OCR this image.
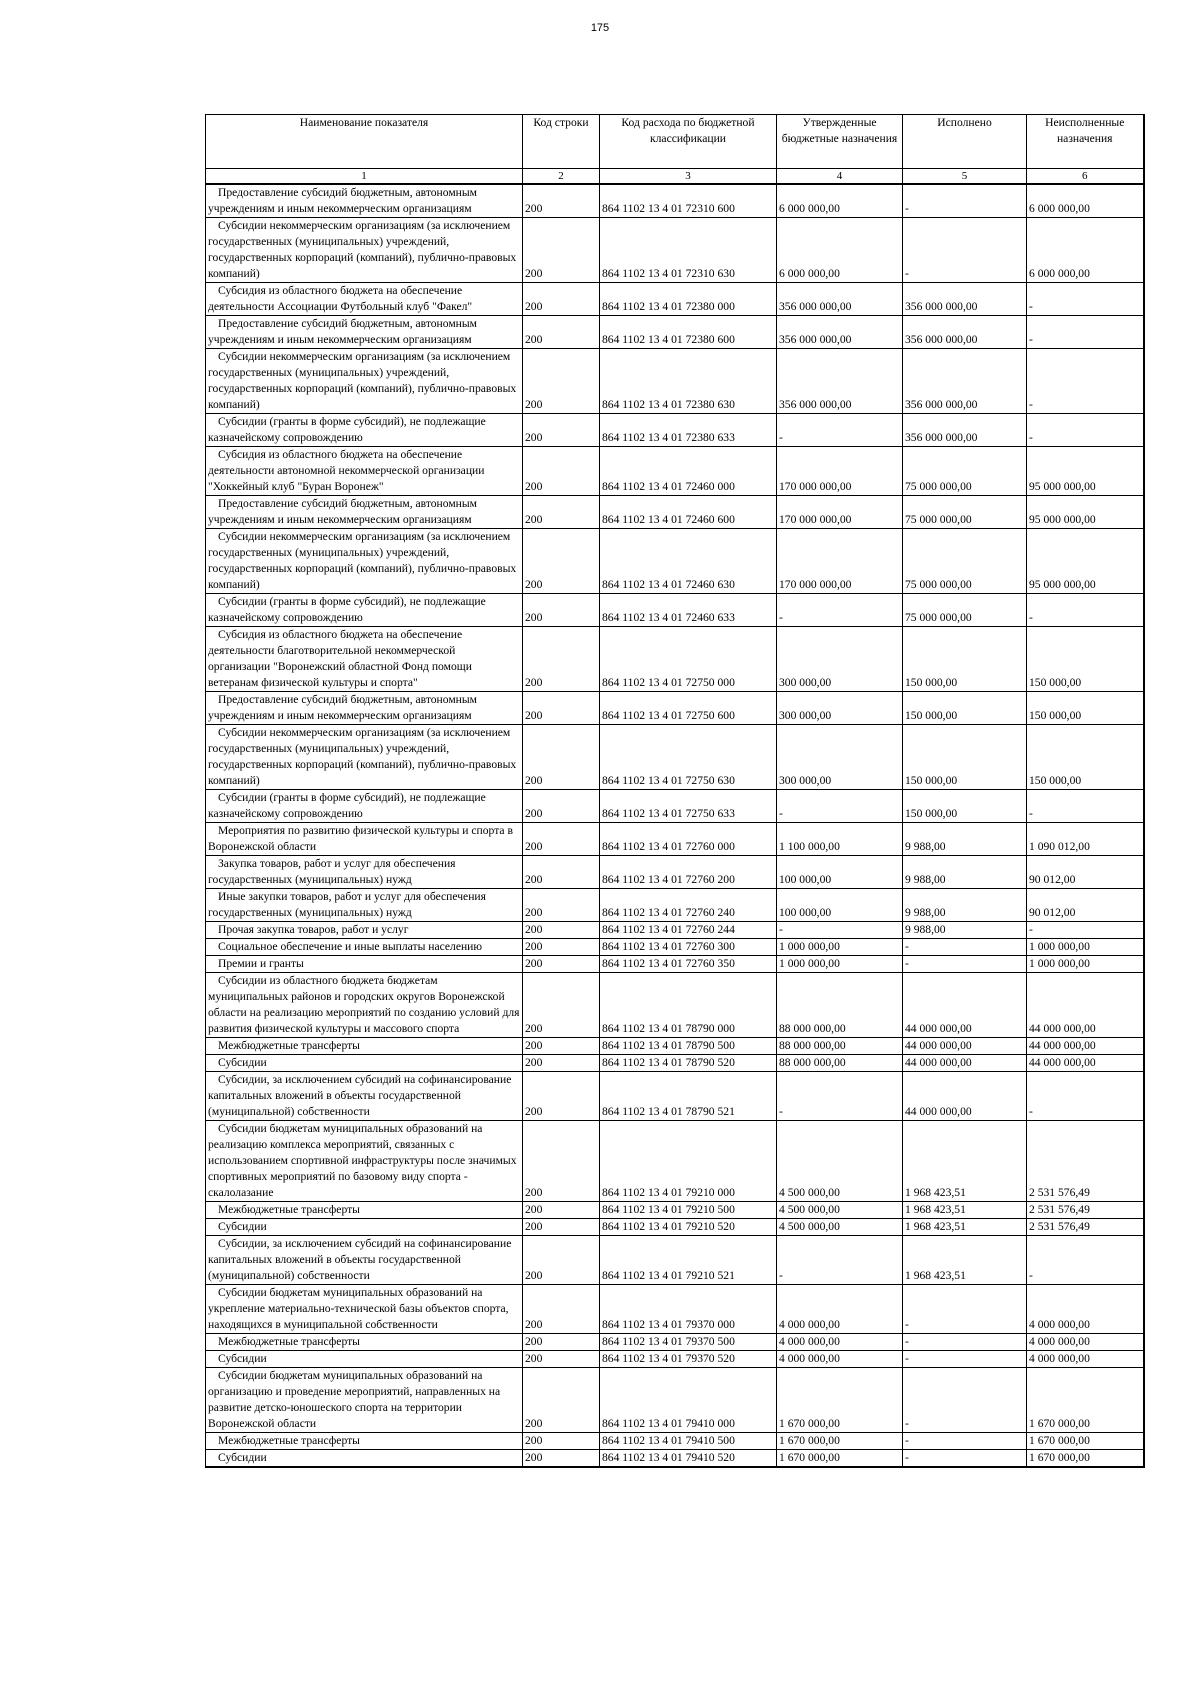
175
Наименование показателя	Код строки	Код расхода по бюджетной классификации	Утвержденные бюджетные назначения	Исполнено	Неисполненные назначения
1	2	3	4	5	6
Предоставление субсидий бюджетным, автономным учреждениям и иным некоммерческим организациям	200	864 1102 13 4 01 72310 600	6 000 000,00	-	6 000 000,00
Субсидии некоммерческим организациям (за исключением государственных (муниципальных) учреждений, государственных корпораций (компаний), публично-правовых компаний)	200	864 1102 13 4 01 72310 630	6 000 000,00	-	6 000 000,00
Субсидия из областного бюджета на обеспечение деятельности Ассоциации Футбольный клуб "Факел"	200	864 1102 13 4 01 72380 000	356 000 000,00	356 000 000,00	-
Предоставление субсидий бюджетным, автономным учреждениям и иным некоммерческим организациям	200	864 1102 13 4 01 72380 600	356 000 000,00	356 000 000,00	-
Субсидии некоммерческим организациям (за исключением государственных (муниципальных) учреждений, государственных корпораций (компаний), публично-правовых компаний)	200	864 1102 13 4 01 72380 630	356 000 000,00	356 000 000,00	-
Субсидии (гранты в форме субсидий), не подлежащие казначейскому сопровождению	200	864 1102 13 4 01 72380 633	-	356 000 000,00	-
Субсидия из областного бюджета на обеспечение деятельности автономной некоммерческой организации "Хоккейный клуб "Буран Воронеж"	200	864 1102 13 4 01 72460 000	170 000 000,00	75 000 000,00	95 000 000,00
Предоставление субсидий бюджетным, автономным учреждениям и иным некоммерческим организациям	200	864 1102 13 4 01 72460 600	170 000 000,00	75 000 000,00	95 000 000,00
Субсидии некоммерческим организациям (за исключением государственных (муниципальных) учреждений, государственных корпораций (компаний), публично-правовых компаний)	200	864 1102 13 4 01 72460 630	170 000 000,00	75 000 000,00	95 000 000,00
Субсидии (гранты в форме субсидий), не подлежащие казначейскому сопровождению	200	864 1102 13 4 01 72460 633	-	75 000 000,00	-
Субсидия из областного бюджета на обеспечение деятельности благотворительной некоммерческой организации "Воронежский областной Фонд помощи ветеранам физической культуры и спорта"	200	864 1102 13 4 01 72750 000	300 000,00	150 000,00	150 000,00
Предоставление субсидий бюджетным, автономным учреждениям и иным некоммерческим организациям	200	864 1102 13 4 01 72750 600	300 000,00	150 000,00	150 000,00
Субсидии некоммерческим организациям (за исключением государственных (муниципальных) учреждений, государственных корпораций (компаний), публично-правовых компаний)	200	864 1102 13 4 01 72750 630	300 000,00	150 000,00	150 000,00
Субсидии (гранты в форме субсидий), не подлежащие казначейскому сопровождению	200	864 1102 13 4 01 72750 633	-	150 000,00	-
Мероприятия по развитию физической культуры и спорта в Воронежской области	200	864 1102 13 4 01 72760 000	1 100 000,00	9 988,00	1 090 012,00
Закупка товаров, работ и услуг для обеспечения государственных (муниципальных) нужд	200	864 1102 13 4 01 72760 200	100 000,00	9 988,00	90 012,00
Иные закупки товаров, работ и услуг для обеспечения государственных (муниципальных) нужд	200	864 1102 13 4 01 72760 240	100 000,00	9 988,00	90 012,00
Прочая закупка товаров, работ и услуг	200	864 1102 13 4 01 72760 244	-	9 988,00	-
Социальное обеспечение и иные выплаты населению	200	864 1102 13 4 01 72760 300	1 000 000,00	-	1 000 000,00
Премии и гранты	200	864 1102 13 4 01 72760 350	1 000 000,00	-	1 000 000,00
Субсидии из областного бюджета бюджетам муниципальных районов и городских округов Воронежской области на реализацию мероприятий по созданию условий для развития физической культуры и массового спорта	200	864 1102 13 4 01 78790 000	88 000 000,00	44 000 000,00	44 000 000,00
Межбюджетные трансферты	200	864 1102 13 4 01 78790 500	88 000 000,00	44 000 000,00	44 000 000,00
Субсидии	200	864 1102 13 4 01 78790 520	88 000 000,00	44 000 000,00	44 000 000,00
Субсидии, за исключением субсидий на софинансирование капитальных вложений в объекты государственной (муниципальной) собственности	200	864 1102 13 4 01 78790 521	-	44 000 000,00	-
Субсидии бюджетам муниципальных образований на реализацию комплекса мероприятий, связанных с использованием спортивной инфраструктуры после значимых спортивных мероприятий по базовому виду спорта - скалолазание	200	864 1102 13 4 01 79210 000	4 500 000,00	1 968 423,51	2 531 576,49
Межбюджетные трансферты	200	864 1102 13 4 01 79210 500	4 500 000,00	1 968 423,51	2 531 576,49
Субсидии	200	864 1102 13 4 01 79210 520	4 500 000,00	1 968 423,51	2 531 576,49
Субсидии, за исключением субсидий на софинансирование капитальных вложений в объекты государственной (муниципальной) собственности	200	864 1102 13 4 01 79210 521	-	1 968 423,51	-
Субсидии бюджетам муниципальных образований на укрепление материально-технической базы объектов спорта, находящихся в муниципальной собственности	200	864 1102 13 4 01 79370 000	4 000 000,00	-	4 000 000,00
Межбюджетные трансферты	200	864 1102 13 4 01 79370 500	4 000 000,00	-	4 000 000,00
Субсидии	200	864 1102 13 4 01 79370 520	4 000 000,00	-	4 000 000,00
Субсидии бюджетам муниципальных образований на организацию и проведение мероприятий, направленных на развитие детско-юношеского спорта на территории Воронежской области	200	864 1102 13 4 01 79410 000	1 670 000,00	-	1 670 000,00
Межбюджетные трансферты	200	864 1102 13 4 01 79410 500	1 670 000,00	-	1 670 000,00
Субсидии	200	864 1102 13 4 01 79410 520	1 670 000,00	-	1 670 000,00
